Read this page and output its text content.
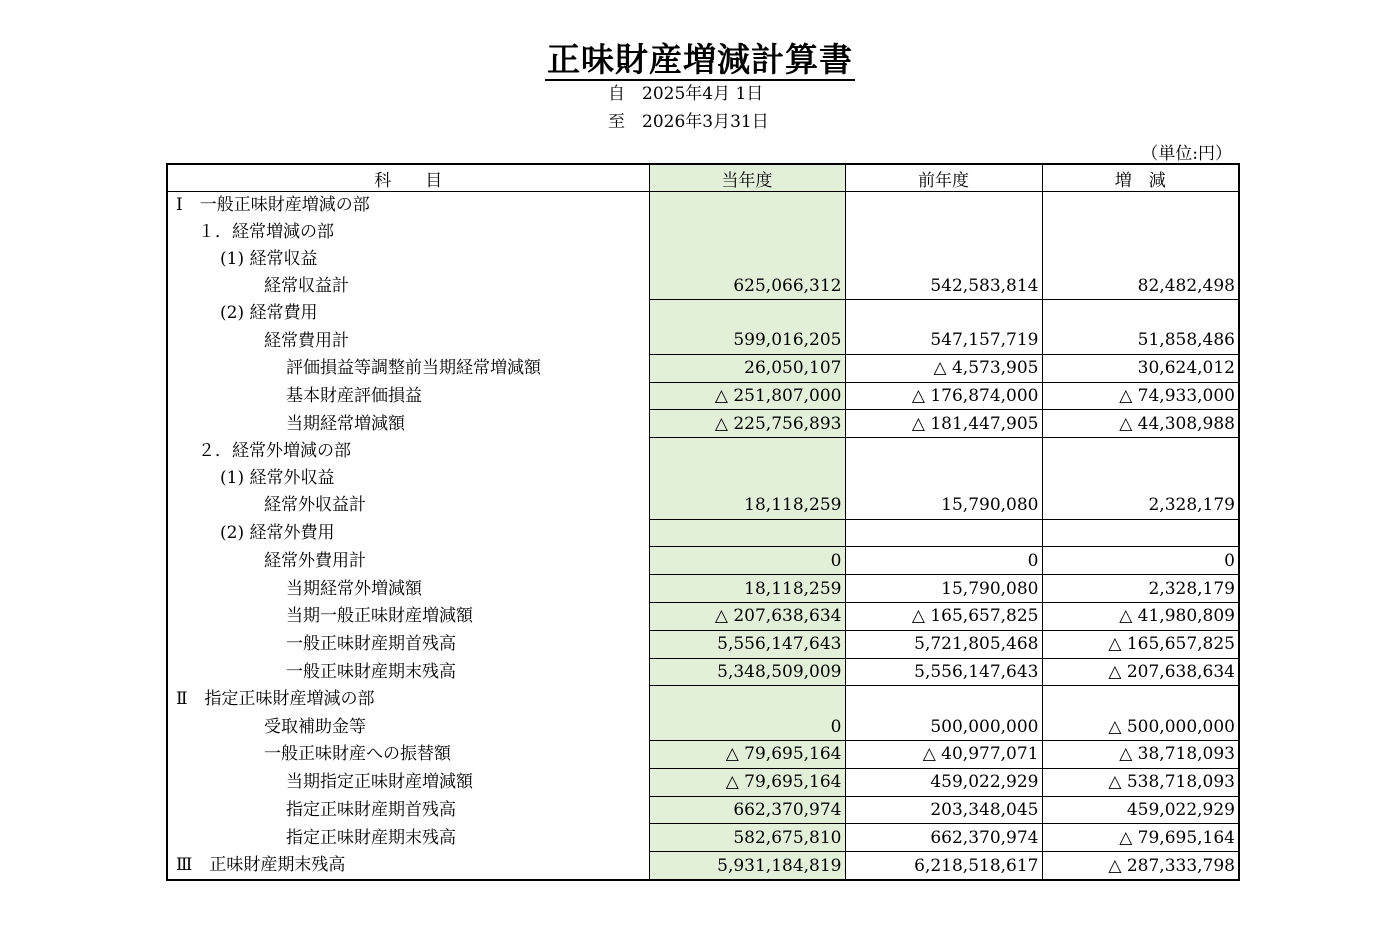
正味財産増減計算書
自　2025年4月 1日
至　2026年3月31日
（単位:円）
科　　目	当年度	前年度	増　減
Ⅰ　一般正味財産増減の部			
１．経常増減の部			
(1) 経常収益			
経常収益計	625,066,312	542,583,814	82,482,498
(2) 経常費用			
経常費用計	599,016,205	547,157,719	51,858,486
評価損益等調整前当期経常増減額	26,050,107	△ 4,573,905	30,624,012
基本財産評価損益	△ 251,807,000	△ 176,874,000	△ 74,933,000
当期経常増減額	△ 225,756,893	△ 181,447,905	△ 44,308,988
２．経常外増減の部			
(1) 経常外収益			
経常外収益計	18,118,259	15,790,080	2,328,179
(2) 経常外費用			
経常外費用計	0	0	0
当期経常外増減額	18,118,259	15,790,080	2,328,179
当期一般正味財産増減額	△ 207,638,634	△ 165,657,825	△ 41,980,809
一般正味財産期首残高	5,556,147,643	5,721,805,468	△ 165,657,825
一般正味財産期末残高	5,348,509,009	5,556,147,643	△ 207,638,634
Ⅱ　指定正味財産増減の部			
受取補助金等	0	500,000,000	△ 500,000,000
一般正味財産への振替額	△ 79,695,164	△ 40,977,071	△ 38,718,093
当期指定正味財産増減額	△ 79,695,164	459,022,929	△ 538,718,093
指定正味財産期首残高	662,370,974	203,348,045	459,022,929
指定正味財産期末残高	582,675,810	662,370,974	△ 79,695,164
Ⅲ　正味財産期末残高	5,931,184,819	6,218,518,617	△ 287,333,798
